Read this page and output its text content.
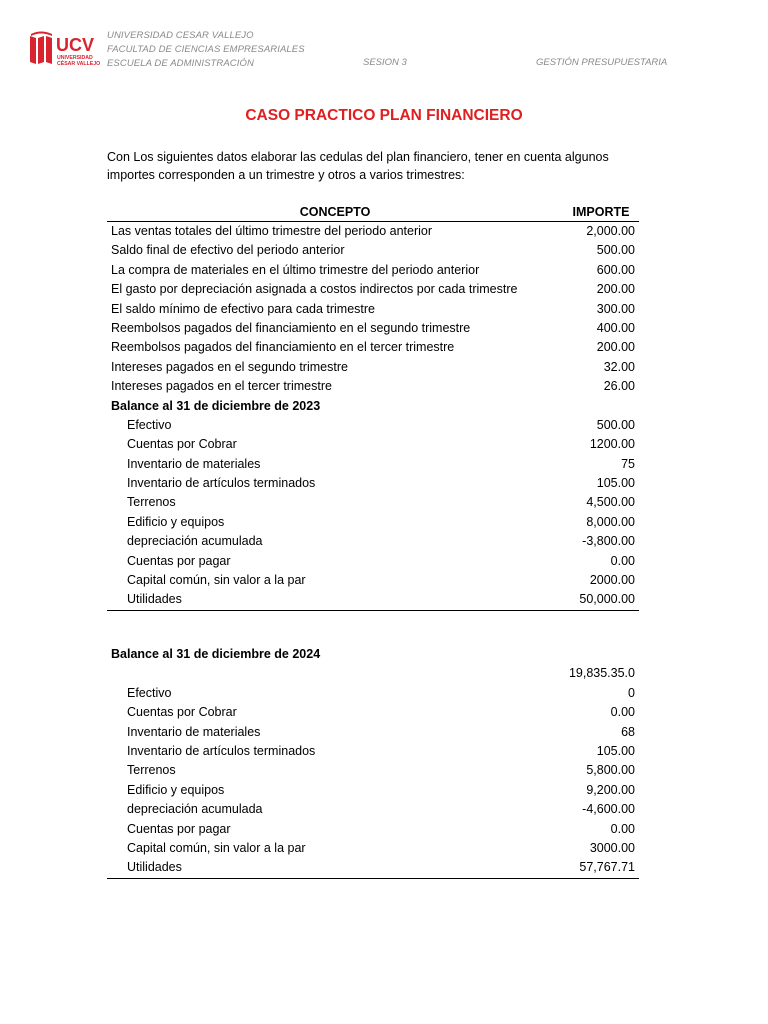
UCV
UNIVERSIDAD
CÉSAR VALLEJO
UNIVERSIDAD CESAR VALLEJO
FACULTAD DE CIENCIAS EMPRESARIALES
ESCUELA DE ADMINISTRACIÓN	SESION 3	GESTIÓN PRESUPUESTARIA
CASO PRACTICO PLAN FINANCIERO
Con Los siguientes datos elaborar las cedulas del plan financiero, tener en cuenta algunos
importes corresponden a un trimestre y otros a varios trimestres:
CONCEPTO	IMPORTE
Las ventas totales del último trimestre del periodo anterior	2,000.00
Saldo final de efectivo del periodo anterior	500.00
La compra de materiales en el último trimestre del periodo anterior	600.00
El gasto por depreciación asignada a costos indirectos por cada trimestre	200.00
El saldo mínimo de efectivo para cada trimestre	300.00
Reembolsos pagados del financiamiento en el segundo trimestre	400.00
Reembolsos pagados del financiamiento en el tercer trimestre	200.00
Intereses pagados en el segundo trimestre	32.00
Intereses pagados en el tercer trimestre	26.00
Balance al 31 de diciembre de 2023
Efectivo	500.00
Cuentas por Cobrar	1200.00
Inventario de materiales	75
Inventario de artículos terminados	105.00
Terrenos	4,500.00
Edificio y equipos	8,000.00
depreciación acumulada	-3,800.00
Cuentas por pagar	0.00
Capital común, sin valor a la par	2000.00
Utilidades	50,000.00
Balance al 31 de diciembre de 2024
19,835.35.0
Efectivo	0
Cuentas por Cobrar	0.00
Inventario de materiales	68
Inventario de artículos terminados	105.00
Terrenos	5,800.00
Edificio y equipos	9,200.00
depreciación acumulada	-4,600.00
Cuentas por pagar	0.00
Capital común, sin valor a la par	3000.00
Utilidades	57,767.71
